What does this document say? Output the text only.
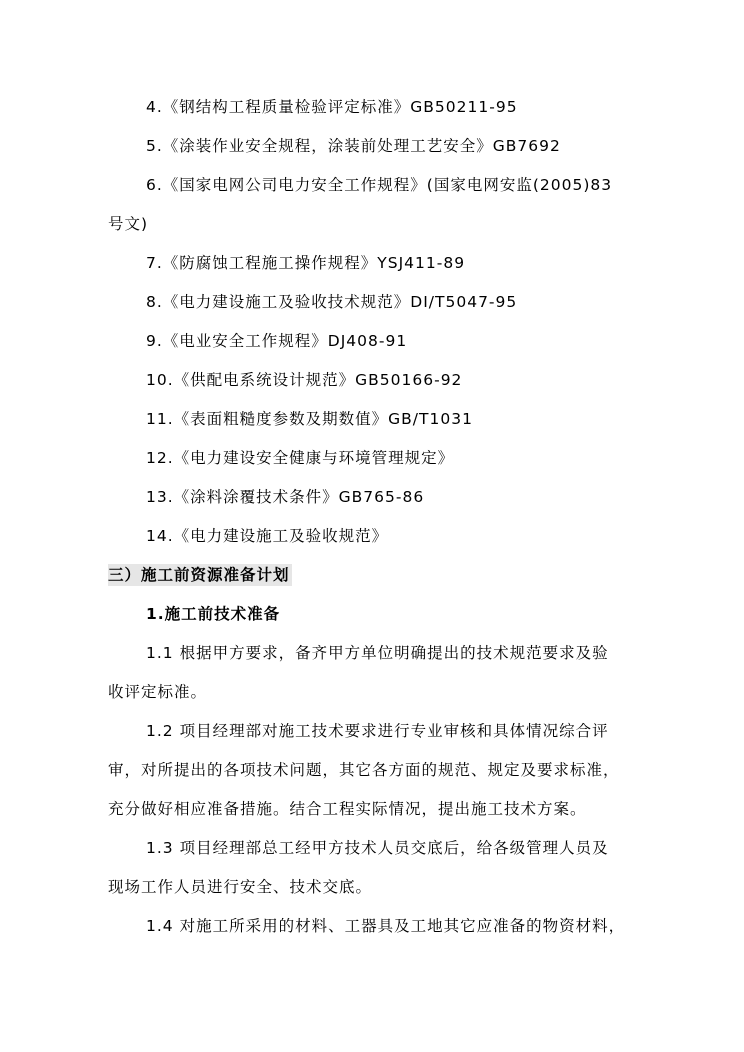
4.《钢结构工程质量检验评定标准》GB50211-95
5.《涂装作业安全规程，涂装前处理工艺安全》GB7692
6.《国家电网公司电力安全工作规程》(国家电网安监(2005)83
号文)
7.《防腐蚀工程施工操作规程》YSJ411-89
8.《电力建设施工及验收技术规范》DI/T5047-95
9.《电业安全工作规程》DJ408-91
10.《供配电系统设计规范》GB50166-92
11.《表面粗糙度参数及期数值》GB/T1031
12.《电力建设安全健康与环境管理规定》
13.《涂料涂覆技术条件》GB765-86
14.《电力建设施工及验收规范》
三）施工前资源准备计划
1.施工前技术准备
1.1 根据甲方要求，备齐甲方单位明确提出的技术规范要求及验
收评定标准。
1.2 项目经理部对施工技术要求进行专业审核和具体情况综合评
审，对所提出的各项技术问题，其它各方面的规范、规定及要求标准，
充分做好相应准备措施。结合工程实际情况，提出施工技术方案。
1.3 项目经理部总工经甲方技术人员交底后，给各级管理人员及
现场工作人员进行安全、技术交底。
1.4 对施工所采用的材料、工器具及工地其它应准备的物资材料，
